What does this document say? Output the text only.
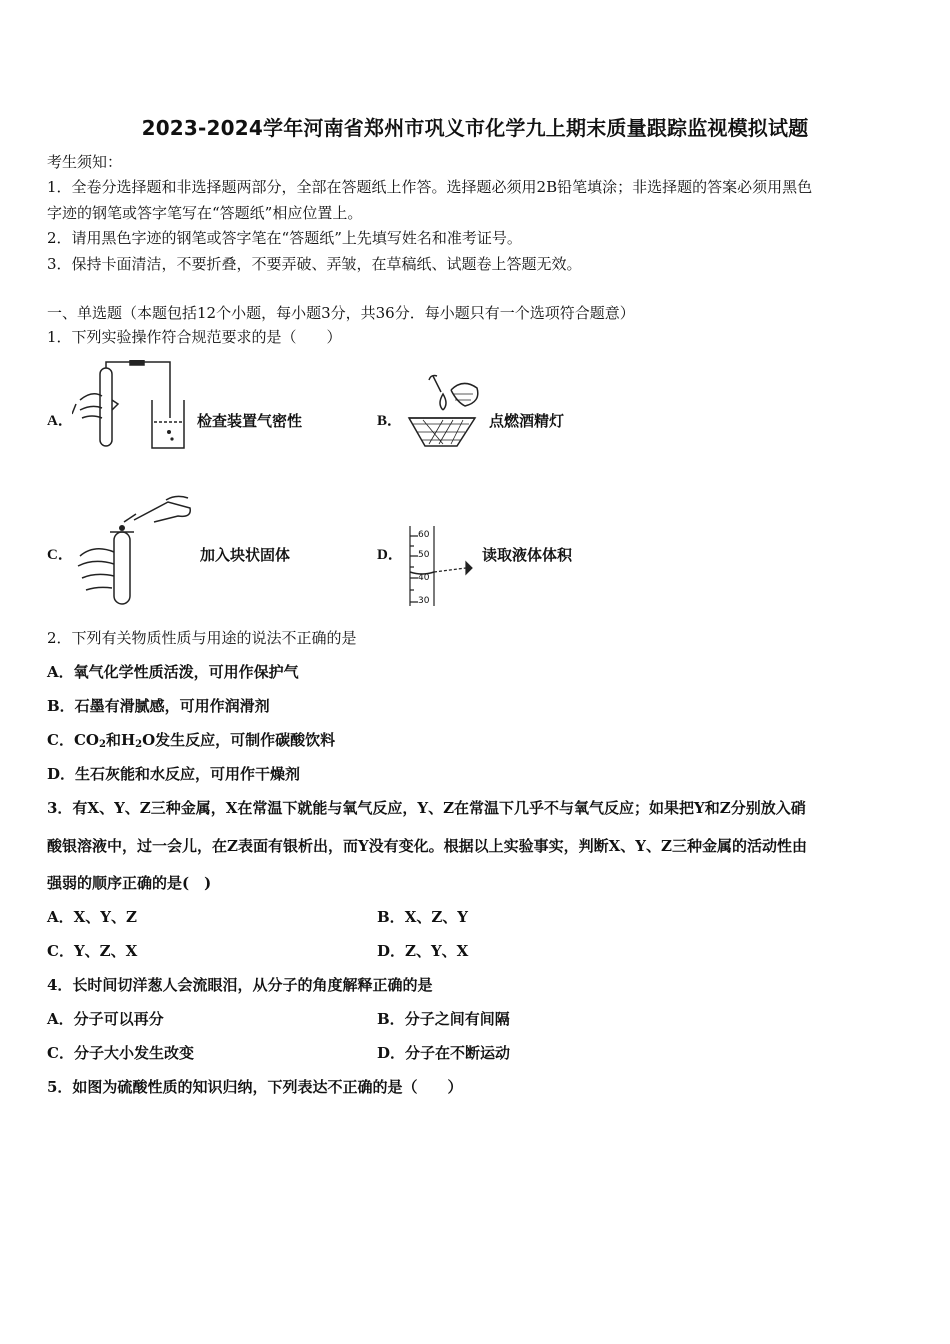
2023-2024学年河南省郑州市巩义市化学九上期末质量跟踪监视模拟试题
考生须知：
1．全卷分选择题和非选择题两部分，全部在答题纸上作答。选择题必须用2B铅笔填涂；非选择题的答案必须用黑色
字迹的钢笔或答字笔写在“答题纸”相应位置上。
2．请用黑色字迹的钢笔或答字笔在“答题纸”上先填写姓名和准考证号。
3．保持卡面清洁，不要折叠，不要弄破、弄皱，在草稿纸、试题卷上答题无效。
一、单选题（本题包括12个小题，每小题3分，共36分．每小题只有一个选项符合题意）
1．下列实验操作符合规范要求的是（　　）
A．	检查装置气密性	B．	点燃酒精灯
C．	加入块状固体	D．
60
50
40
30
读取液体体积
2．下列有关物质性质与用途的说法不正确的是
A．氧气化学性质活泼，可用作保护气
B．石墨有滑腻感，可用作润滑剂
C．$CO_2$和$H_2O$发生反应，可制作碳酸饮料
D．生石灰能和水反应，可用作干燥剂
3．有X、Y、Z三种金属，X在常温下就能与氧气反应，Y、Z在常温下几乎不与氧气反应；如果把Y和Z分别放入硝
酸银溶液中，过一会儿，在Z表面有银析出，而Y没有变化。根据以上实验事实，判断X、Y、Z三种金属的活动性由
强弱的顺序正确的是(　)
A．X、Y、Z	B．X、Z、Y
C．Y、Z、X	D．Z、Y、X
4．长时间切洋葱人会流眼泪，从分子的角度解释正确的是
A．分子可以再分	B．分子之间有间隔
C．分子大小发生改变	D．分子在不断运动
5．如图为硫酸性质的知识归纳，下列表达不正确的是（　　）
